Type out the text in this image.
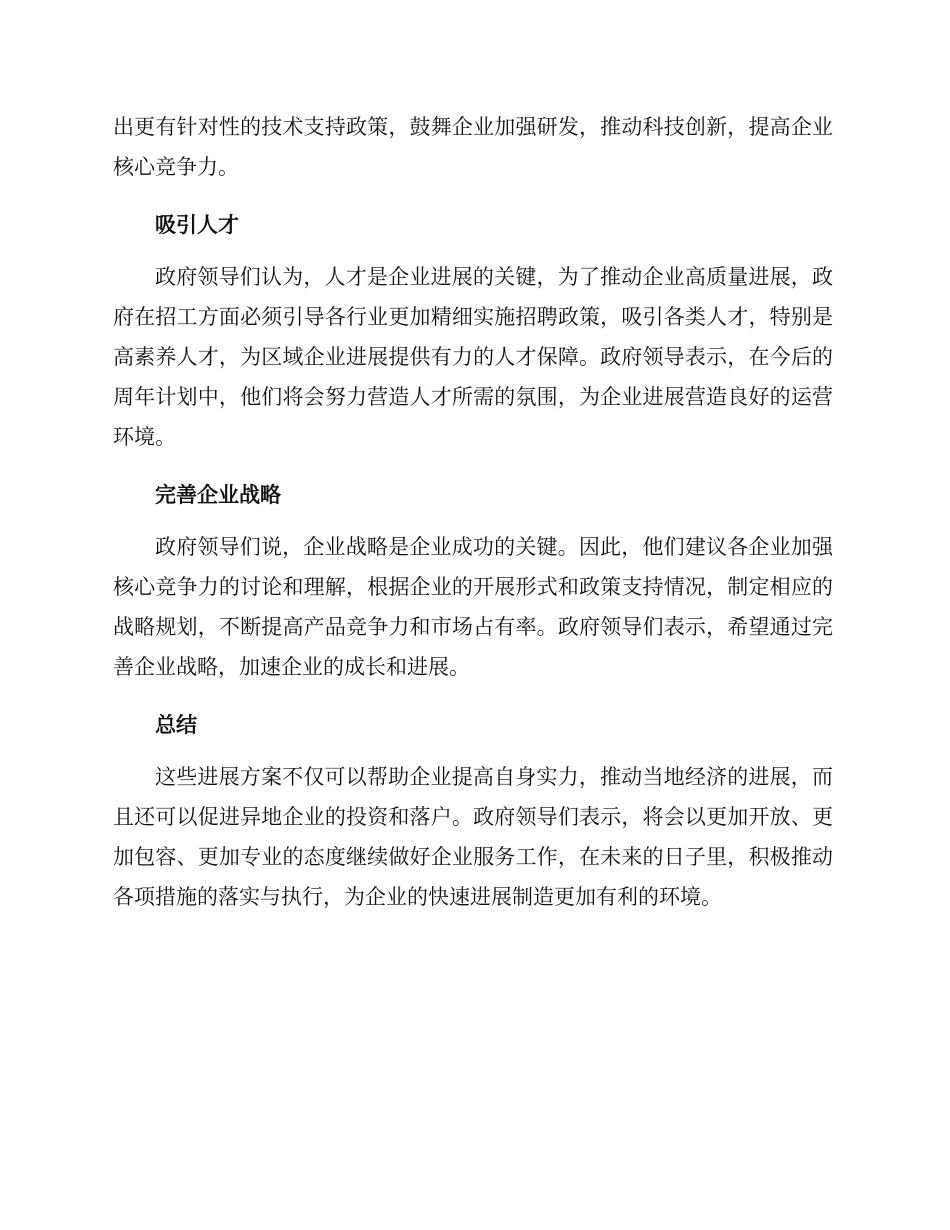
出更有针对性的技术支持政策，鼓舞企业加强研发，推动科技创新，提高企业核心竞争力。

吸引人才

政府领导们认为，人才是企业进展的关键，为了推动企业高质量进展，政府在招工方面必须引导各行业更加精细实施招聘政策，吸引各类人才，特别是高素养人才，为区域企业进展提供有力的人才保障。政府领导表示，在今后的周年计划中，他们将会努力营造人才所需的氛围，为企业进展营造良好的运营环境。

完善企业战略

政府领导们说，企业战略是企业成功的关键。因此，他们建议各企业加强核心竞争力的讨论和理解，根据企业的开展形式和政策支持情况，制定相应的战略规划，不断提高产品竞争力和市场占有率。政府领导们表示，希望通过完善企业战略，加速企业的成长和进展。

总结

这些进展方案不仅可以帮助企业提高自身实力，推动当地经济的进展，而且还可以促进异地企业的投资和落户。政府领导们表示，将会以更加开放、更加包容、更加专业的态度继续做好企业服务工作，在未来的日子里，积极推动各项措施的落实与执行，为企业的快速进展制造更加有利的环境。
